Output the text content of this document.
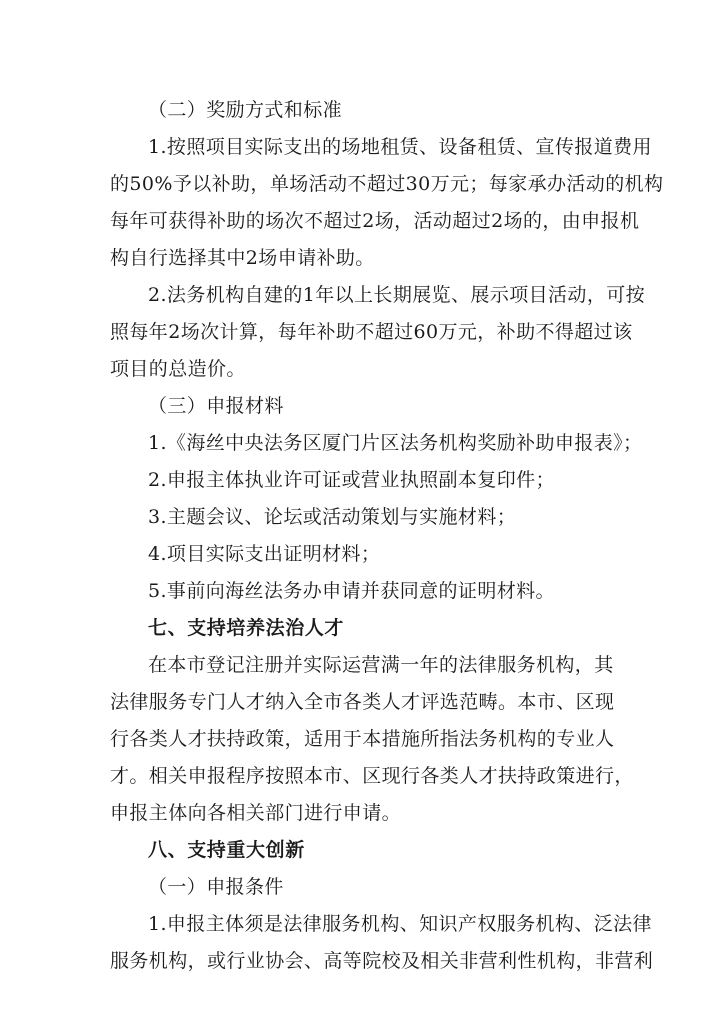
（二）奖励方式和标准

1.按照项目实际支出的场地租赁、设备租赁、宣传报道费用

的50%予以补助，单场活动不超过30万元；每家承办活动的机构

每年可获得补助的场次不超过2场，活动超过2场的，由申报机

构自行选择其中2场申请补助。

2.法务机构自建的1年以上长期展览、展示项目活动，可按

照每年2场次计算，每年补助不超过60万元，补助不得超过该

项目的总造价。

（三）申报材料

1.《海丝中央法务区厦门片区法务机构奖励补助申报表》；

2.申报主体执业许可证或营业执照副本复印件；

3.主题会议、论坛或活动策划与实施材料；

4.项目实际支出证明材料；

5.事前向海丝法务办申请并获同意的证明材料。

七、支持培养法治人才

在本市登记注册并实际运营满一年的法律服务机构，其

法律服务专门人才纳入全市各类人才评选范畴。本市、区现

行各类人才扶持政策，适用于本措施所指法务机构的专业人

才。相关申报程序按照本市、区现行各类人才扶持政策进行，

申报主体向各相关部门进行申请。

八、支持重大创新

（一）申报条件

1.申报主体须是法律服务机构、知识产权服务机构、泛法律

服务机构，或行业协会、高等院校及相关非营利性机构，非营利
